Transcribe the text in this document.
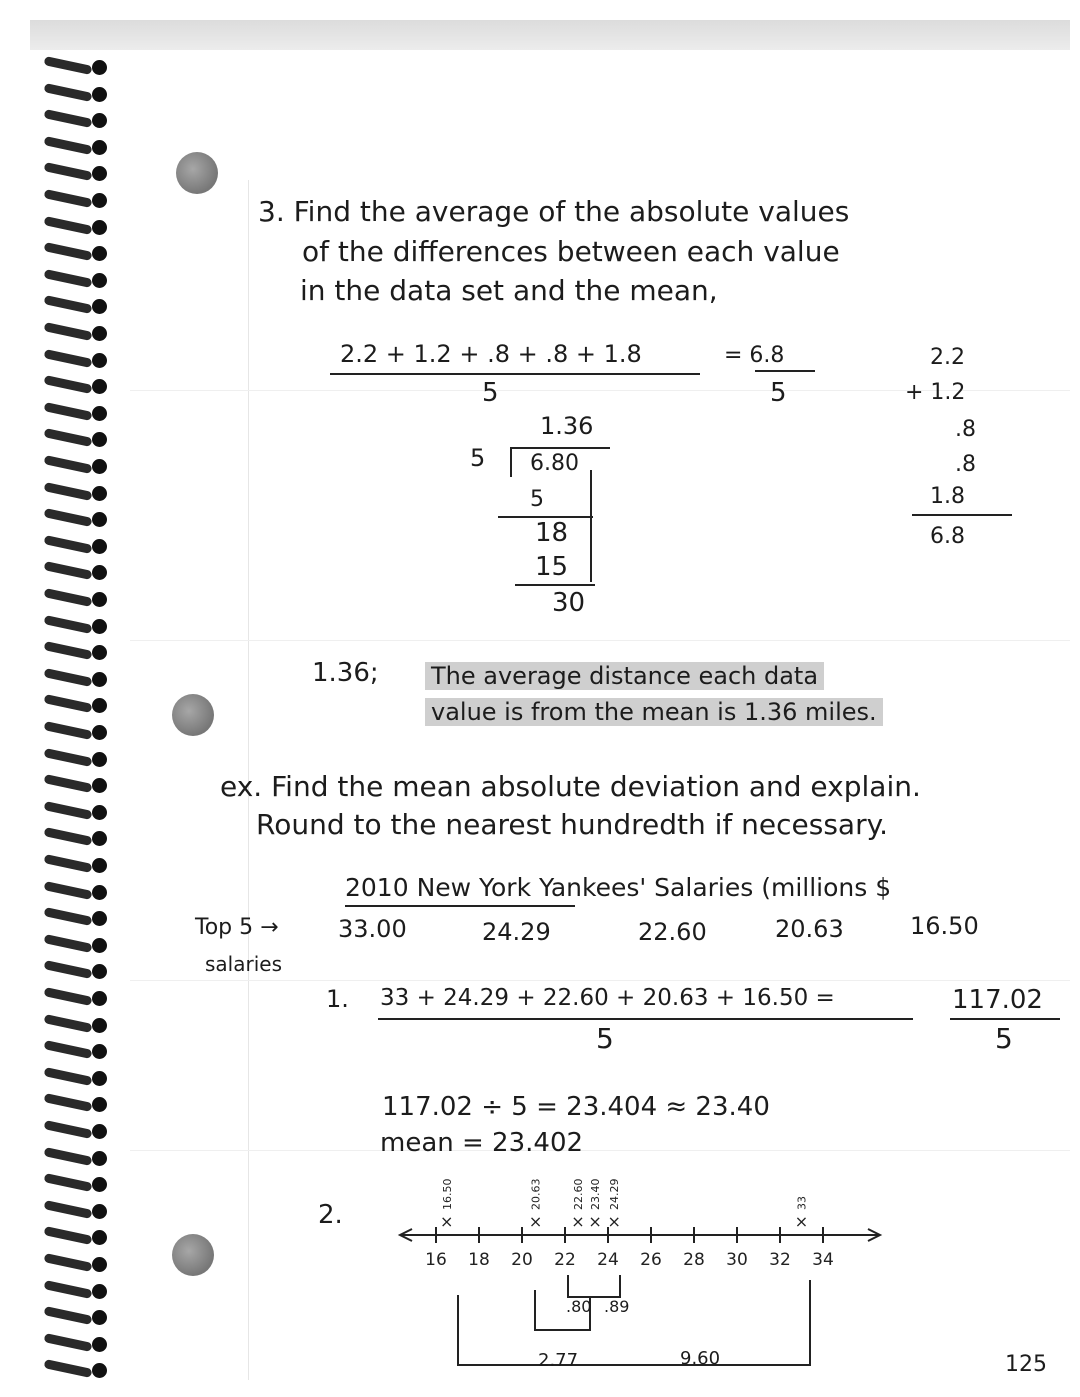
3. Find the average of the absolute values
of the differences between each value
in the data set and the mean,
2.2 + 1.2 + .8 + .8 + 1.8	= 6.8
5	5
1.36
5 6.80
5
18
15
30
2.2
+ 1.2
.8
.8
1.8
6.8
1.36; The average distance each data
value is from the mean is 1.36 miles.
ex. Find the mean absolute deviation and explain.
Round to the nearest hundredth if necessary.
2010 New York Yankees' Salaries (millions $
Top 5 →
salaries
33.00	24.29	22.60	20.63	16.50
1. 33 + 24.29 + 22.60 + 20.63 + 16.50 =	117.02
5	5
117.02 ÷ 5 = 23.404 ≈ 23.40
mean = 23.402
2.
16 18 20 22 24 26 28 30 32 34
×
16.50
×
20.63
×
22.60
×
23.40
×
24.29
×
33
.80 .89
2.77	9.60	125
